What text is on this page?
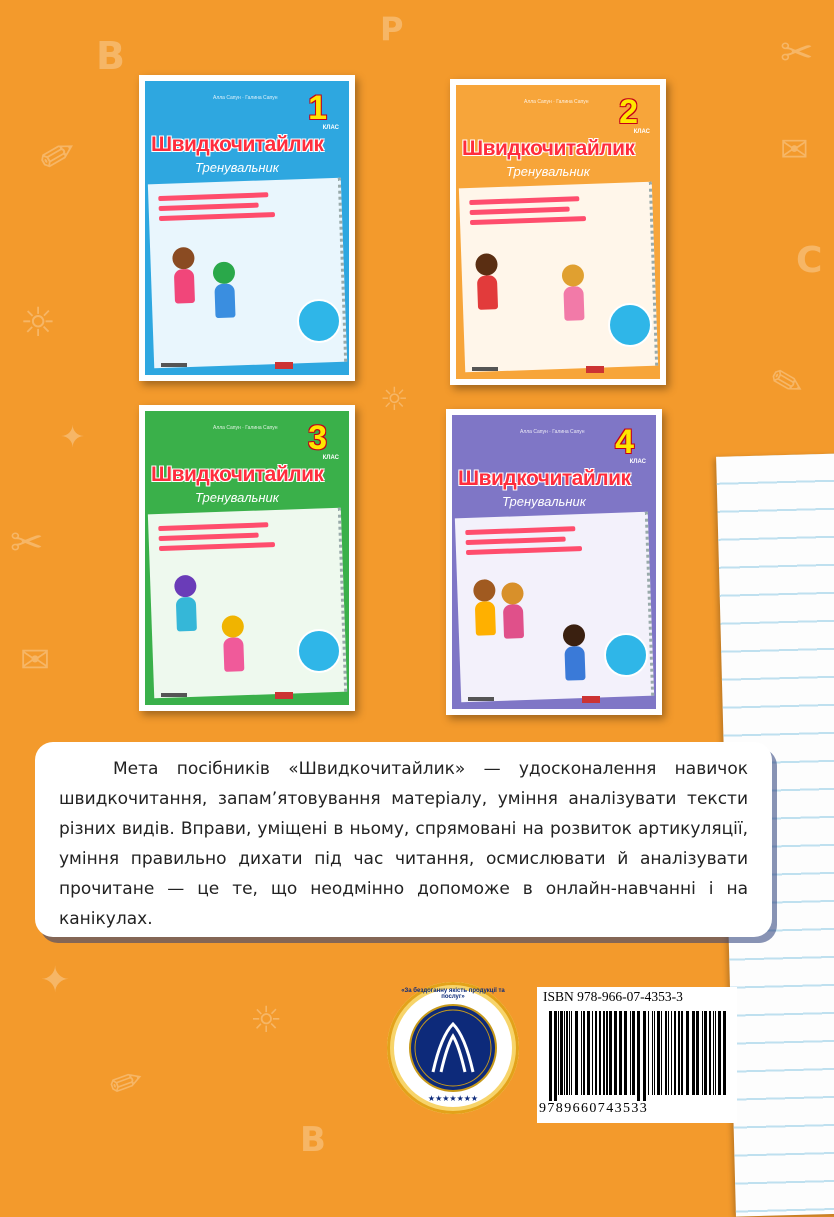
✏
B
☼
✦
✂
✉
✂
✉
C
✏
P
☼
✦
✏
☼
B
Алла Сапун · Галина Сапун 1
КЛАС
Швидкочитайлик
Тренувальник
Алла Сапун · Галина Сапун 2
КЛАС
Швидкочитайлик
Тренувальник
Алла Сапун · Галина Сапун 3
КЛАС
Швидкочитайлик
Тренувальник
Алла Сапун · Галина Сапун 4
КЛАС
Швидкочитайлик
Тренувальник

Мета посібників «Швидкочитайлик» — удосконалення навичок швидкочитання, запам’ятовування матеріалу, уміння аналізувати тексти різних видів. Вправи, уміщені в ньому, спрямовані на розвиток артикуляції, уміння правильно дихати під час читання, осмислювати й аналізувати прочитане — це те, що неодмінно допоможе в онлайн-навчанні і на канікулах.

«За бездоганну якість продукції та послуг»
★★★★★★★
ISBN 978-966-07-4353-3
9789660743533
